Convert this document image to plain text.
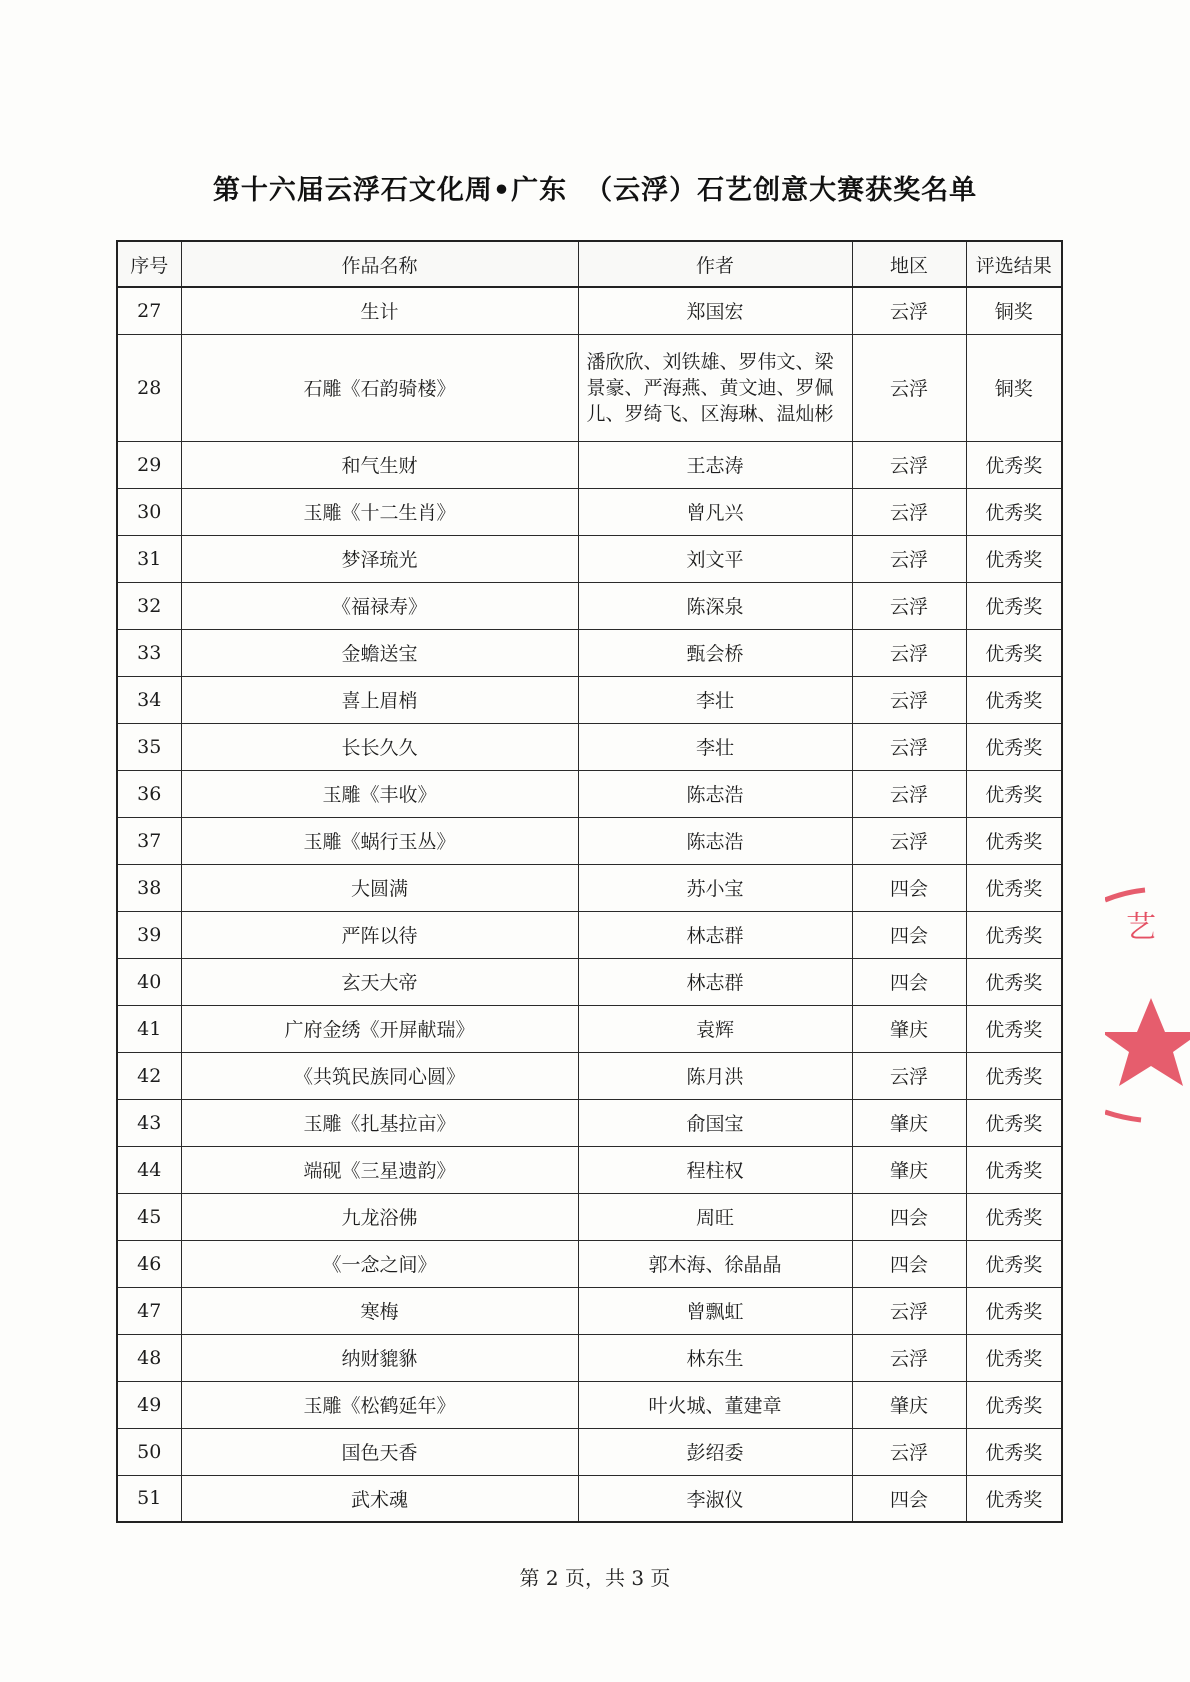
第十六届云浮石文化周•广东 （云浮）石艺创意大赛获奖名单
序号	作品名称	作者	地区	评选结果
27	生计	郑国宏	云浮	铜奖
28	石雕《石韵骑楼》	潘欣欣、刘铁雄、罗伟文、梁景豪、严海燕、黄文迪、罗佩儿、罗绮飞、区海琳、温灿彬	云浮	铜奖
29	和气生财	王志涛	云浮	优秀奖
30	玉雕《十二生肖》	曾凡兴	云浮	优秀奖
31	梦泽琉光	刘文平	云浮	优秀奖
32	《福禄寿》	陈深泉	云浮	优秀奖
33	金蟾送宝	甄会桥	云浮	优秀奖
34	喜上眉梢	李壮	云浮	优秀奖
35	长长久久	李壮	云浮	优秀奖
36	玉雕《丰收》	陈志浩	云浮	优秀奖
37	玉雕《蜗行玉丛》	陈志浩	云浮	优秀奖
38	大圆满	苏小宝	四会	优秀奖
39	严阵以待	林志群	四会	优秀奖
40	玄天大帝	林志群	四会	优秀奖
41	广府金绣《开屏献瑞》	袁辉	肇庆	优秀奖
42	《共筑民族同心圆》	陈月洪	云浮	优秀奖
43	玉雕《扎基拉亩》	俞国宝	肇庆	优秀奖
44	端砚《三星遗韵》	程柱权	肇庆	优秀奖
45	九龙浴佛	周旺	四会	优秀奖
46	《一念之间》	郭木海、徐晶晶	四会	优秀奖
47	寒梅	曾飘虹	云浮	优秀奖
48	纳财貔貅	林东生	云浮	优秀奖
49	玉雕《松鹤延年》	叶火城、董建章	肇庆	优秀奖
50	国色天香	彭绍委	云浮	优秀奖
51	武术魂	李淑仪	四会	优秀奖
第 2 页，共 3 页
艺
